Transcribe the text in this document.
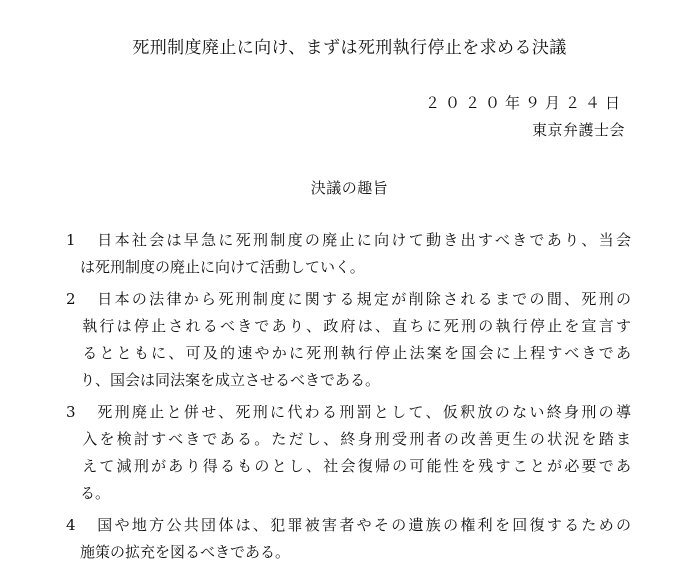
死刑制度廃止に向け、まずは死刑執行停止を求める決議
２０２０年９月２４日
東京弁護士会
決議の趣旨
1 日本社会は早急に死刑制度の廃止に向けて動き出すべきであり、当会
は死刑制度の廃止に向けて活動していく。
2 日本の法律から死刑制度に関する規定が削除されるまでの間、死刑の
執行は停止されるべきであり、政府は、直ちに死刑の執行停止を宣言す
るとともに、可及的速やかに死刑執行停止法案を国会に上程すべきであ
り、国会は同法案を成立させるべきである。
3 死刑廃止と併せ、死刑に代わる刑罰として、仮釈放のない終身刑の導
入を検討すべきである。ただし、終身刑受刑者の改善更生の状況を踏ま
えて減刑があり得るものとし、社会復帰の可能性を残すことが必要であ
る。
4 国や地方公共団体は、犯罪被害者やその遺族の権利を回復するための
施策の拡充を図るべきである。
